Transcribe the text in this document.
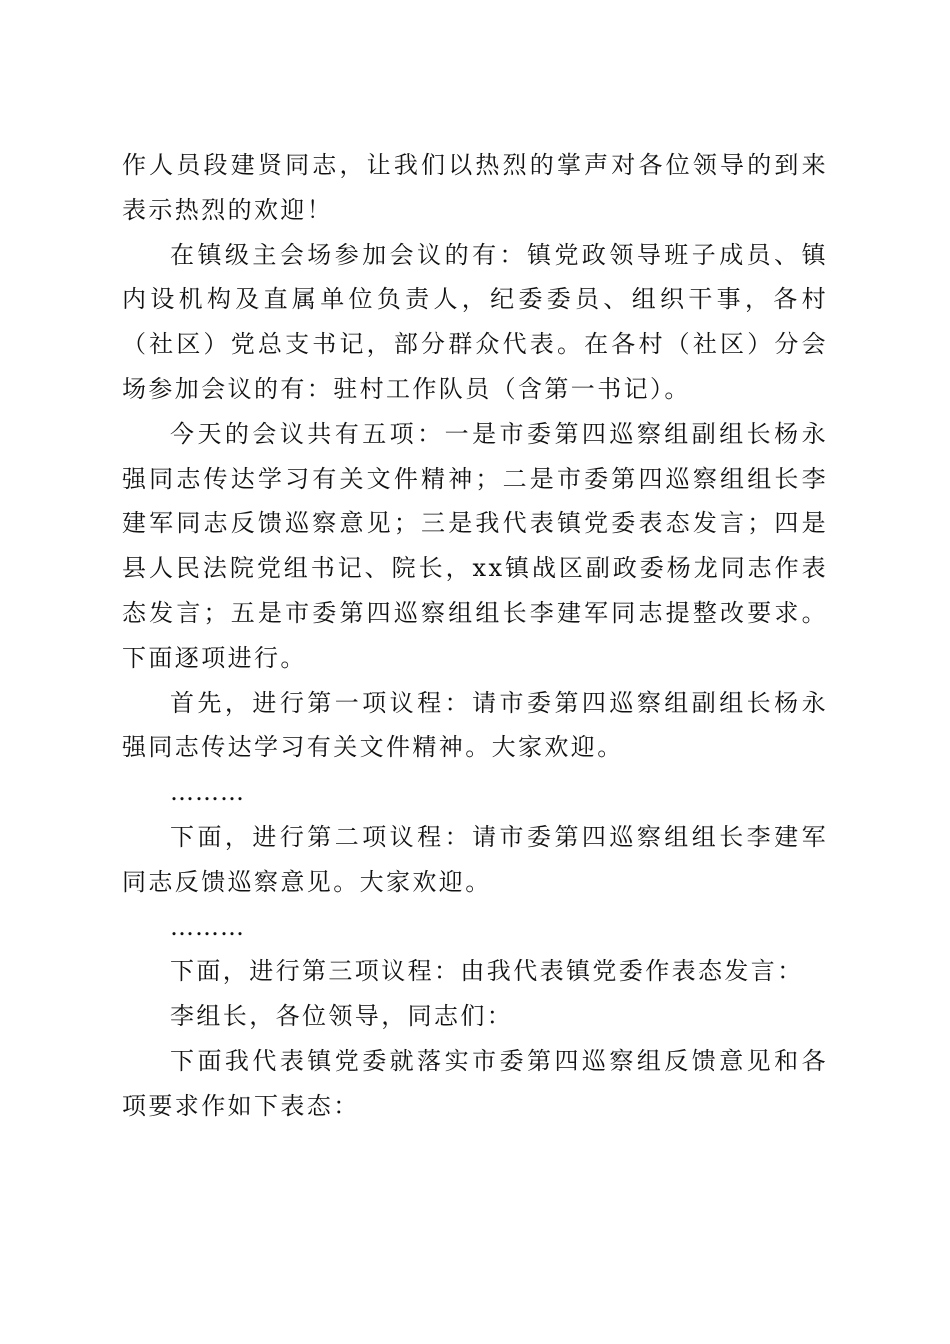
作人员段建贤同志，让我们以热烈的掌声对各位领导的到来表示热烈的欢迎！

在镇级主会场参加会议的有：镇党政领导班子成员、镇内设机构及直属单位负责人，纪委委员、组织干事，各村（社区）党总支书记，部分群众代表。在各村（社区）分会场参加会议的有：驻村工作队员（含第一书记）。

今天的会议共有五项：一是市委第四巡察组副组长杨永强同志传达学习有关文件精神；二是市委第四巡察组组长李建军同志反馈巡察意见；三是我代表镇党委表态发言；四是县人民法院党组书记、院长，xx镇战区副政委杨龙同志作表态发言；五是市委第四巡察组组长李建军同志提整改要求。下面逐项进行。

首先，进行第一项议程：请市委第四巡察组副组长杨永强同志传达学习有关文件精神。大家欢迎。

………

下面，进行第二项议程：请市委第四巡察组组长李建军同志反馈巡察意见。大家欢迎。

………

下面，进行第三项议程：由我代表镇党委作表态发言：

李组长，各位领导，同志们：

下面我代表镇党委就落实市委第四巡察组反馈意见和各项要求作如下表态：
